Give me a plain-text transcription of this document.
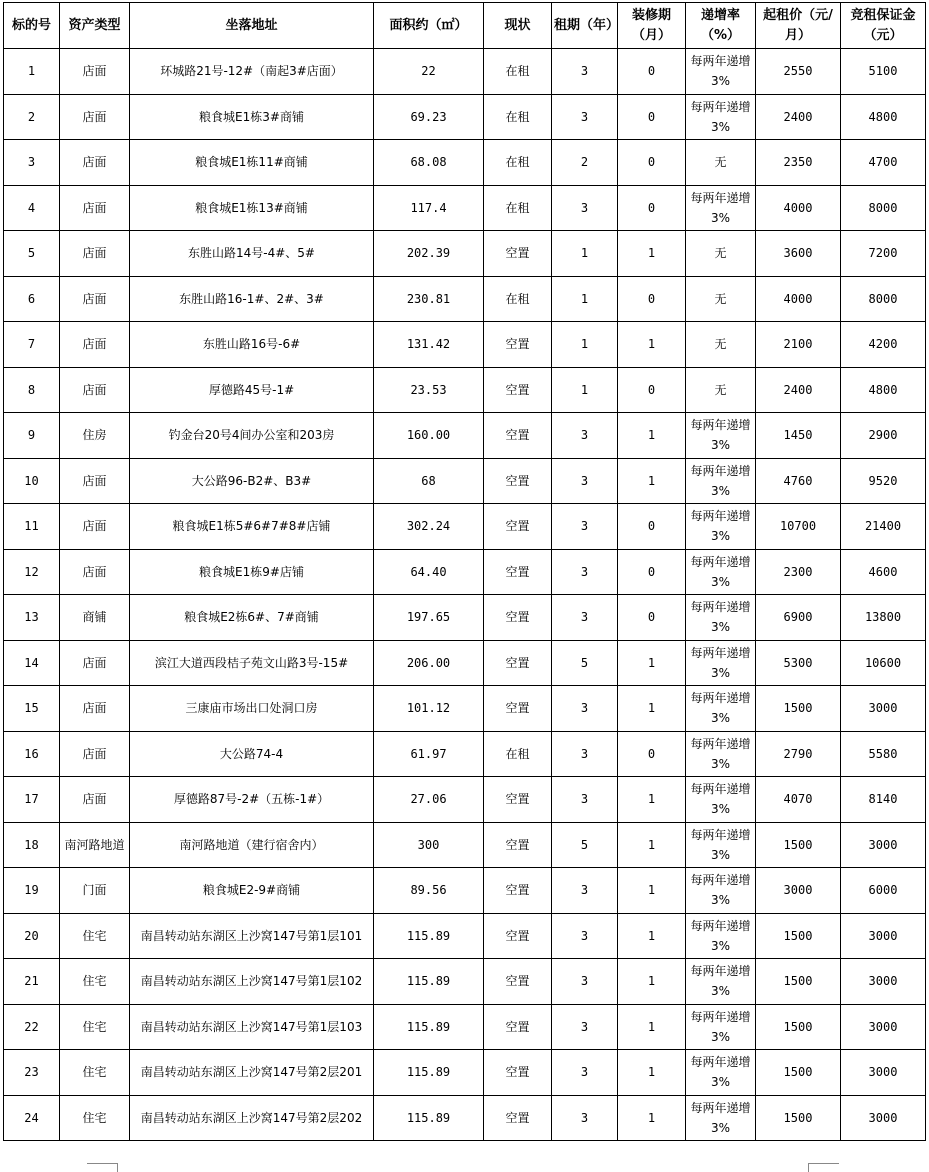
标的号	资产类型	坐落地址	面积约（㎡）	现状	租期（年）	装修期（月）	递增率（%）	起租价（元/月）	竞租保证金（元）
1	店面	环城路21号-12#（南起3#店面）	22	在租	3	0	每两年递增3%	2550	5100
2	店面	粮食城E1栋3#商铺	69.23	在租	3	0	每两年递增3%	2400	4800
3	店面	粮食城E1栋11#商铺	68.08	在租	2	0	无	2350	4700
4	店面	粮食城E1栋13#商铺	117.4	在租	3	0	每两年递增3%	4000	8000
5	店面	东胜山路14号-4#、5#	202.39	空置	1	1	无	3600	7200
6	店面	东胜山路16-1#、2#、3#	230.81	在租	1	0	无	4000	8000
7	店面	东胜山路16号-6#	131.42	空置	1	1	无	2100	4200
8	店面	厚德路45号-1#	23.53	空置	1	0	无	2400	4800
9	住房	钓金台20号4间办公室和203房	160.00	空置	3	1	每两年递增3%	1450	2900
10	店面	大公路96-B2#、B3#	68	空置	3	1	每两年递增3%	4760	9520
11	店面	粮食城E1栋5#6#7#8#店铺	302.24	空置	3	0	每两年递增3%	10700	21400
12	店面	粮食城E1栋9#店铺	64.40	空置	3	0	每两年递增3%	2300	4600
13	商铺	粮食城E2栋6#、7#商铺	197.65	空置	3	0	每两年递增3%	6900	13800
14	店面	滨江大道西段桔子苑文山路3号-15#	206.00	空置	5	1	每两年递增3%	5300	10600
15	店面	三康庙市场出口处洞口房	101.12	空置	3	1	每两年递增3%	1500	3000
16	店面	大公路74-4	61.97	在租	3	0	每两年递增3%	2790	5580
17	店面	厚德路87号-2#（五栋-1#）	27.06	空置	3	1	每两年递增3%	4070	8140
18	南河路地道	南河路地道（建行宿舍内）	300	空置	5	1	每两年递增3%	1500	3000
19	门面	粮食城E2-9#商铺	89.56	空置	3	1	每两年递增3%	3000	6000
20	住宅	南昌转动站东湖区上沙窝147号第1层101	115.89	空置	3	1	每两年递增3%	1500	3000
21	住宅	南昌转动站东湖区上沙窝147号第1层102	115.89	空置	3	1	每两年递增3%	1500	3000
22	住宅	南昌转动站东湖区上沙窝147号第1层103	115.89	空置	3	1	每两年递增3%	1500	3000
23	住宅	南昌转动站东湖区上沙窝147号第2层201	115.89	空置	3	1	每两年递增3%	1500	3000
24	住宅	南昌转动站东湖区上沙窝147号第2层202	115.89	空置	3	1	每两年递增3%	1500	3000
